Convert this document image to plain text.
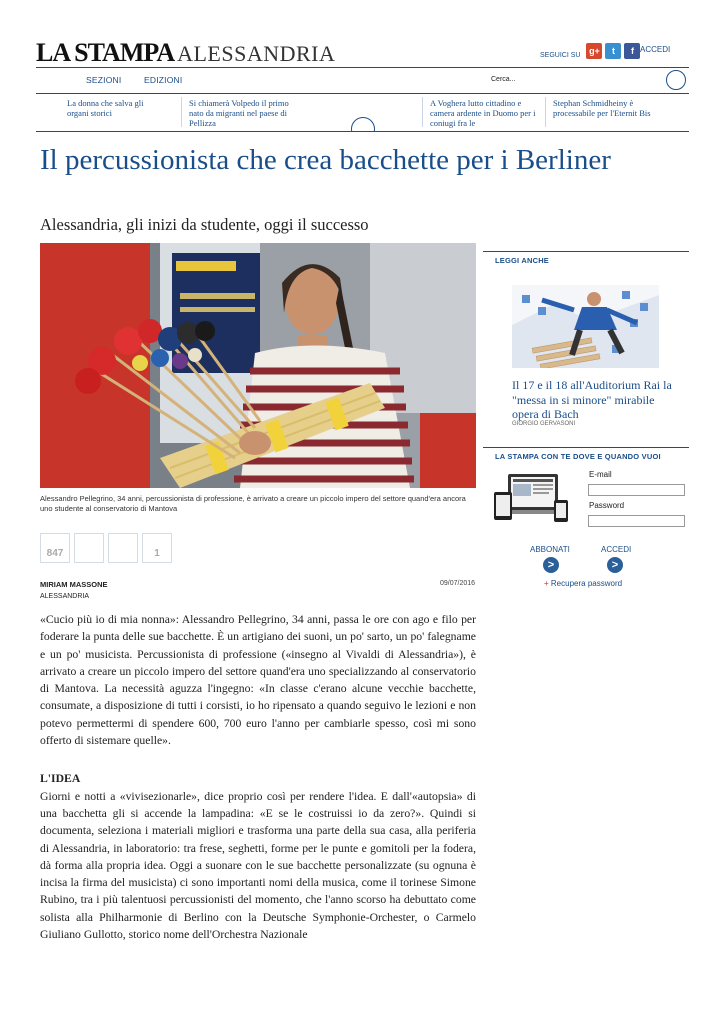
LA STAMPA ALESSANDRIA	SEGUICI SU g+	t	f ACCEDI
SEZIONI	EDIZIONI	Cerca...
La donna che salva gli organi storici
Si chiamerà Volpedo il primo nato da migranti nel paese di Pellizza
A Voghera lutto cittadino e camera ardente in Duomo per i coniugi fra le
Stephan Schmidheiny è processabile per l'Eternit Bis
Il percussionista che crea bacchette per i Berliner
Alessandria, gli inizi da studente, oggi il successo

Alessandro Pellegrino, 34 anni, percussionista di professione, è arrivato a creare un piccolo impero del settore quand'era ancora uno studente al conservatorio di Mantova

847	1
MIRIAM MASSONE	09/07/2016
ALESSANDRIA

«Cucio più io di mia nonna»: Alessandro Pellegrino, 34 anni, passa le ore con ago e filo per foderare la punta delle sue bacchette. È un artigiano dei suoni, un po' sarto, un po' falegname e un po' musicista. Percussionista di professione («insegno al Vivaldi di Alessandria»), è arrivato a creare un piccolo impero del settore quand'era uno specializzando al conservatorio di Mantova. La necessità aguzza l'ingegno: «In classe c'erano alcune vecchie bacchette, consumate, a disposizione di tutti i corsisti, io ho ripensato a quando seguivo le lezioni e non potevo permettermi di spendere 600, 700 euro l'anno per cambiarle spesso, così mi sono offerto di sistemare quelle».

L'IDEA

Giorni e notti a «vivisezionarle», dice proprio così per rendere l'idea. E dall'«autopsia» di una bacchetta gli si accende la lampadina: «E se le costruissi io da zero?». Quindi si documenta, seleziona i materiali migliori e trasforma una parte della sua casa, alla periferia di Alessandria, in laboratorio: tra frese, seghetti, forme per le punte e gomitoli per la fodera, dà forma alla propria idea. Oggi a suonare con le sue bacchette personalizzate (su ognuna è incisa la firma del musicista) ci sono importanti nomi della musica, come il torinese Simone Rubino, tra i più talentuosi percussionisti del momento, che l'anno scorso ha debuttato come solista alla Philharmonie di Berlino con la Deutsche Symphonie-Orchester, o Carmelo Giuliano Gullotto, storico nome dell'Orchestra Nazionale

LEGGI ANCHE

Il 17 e il 18 all'Auditorium Rai la "messa in si minore" mirabile opera di Bach

GIORGIO GERVASONI
LA STAMPA CON TE DOVE E QUANDO VUOI
E-mail
Password
ABBONATI
>
ACCEDI
>
+ Recupera password
